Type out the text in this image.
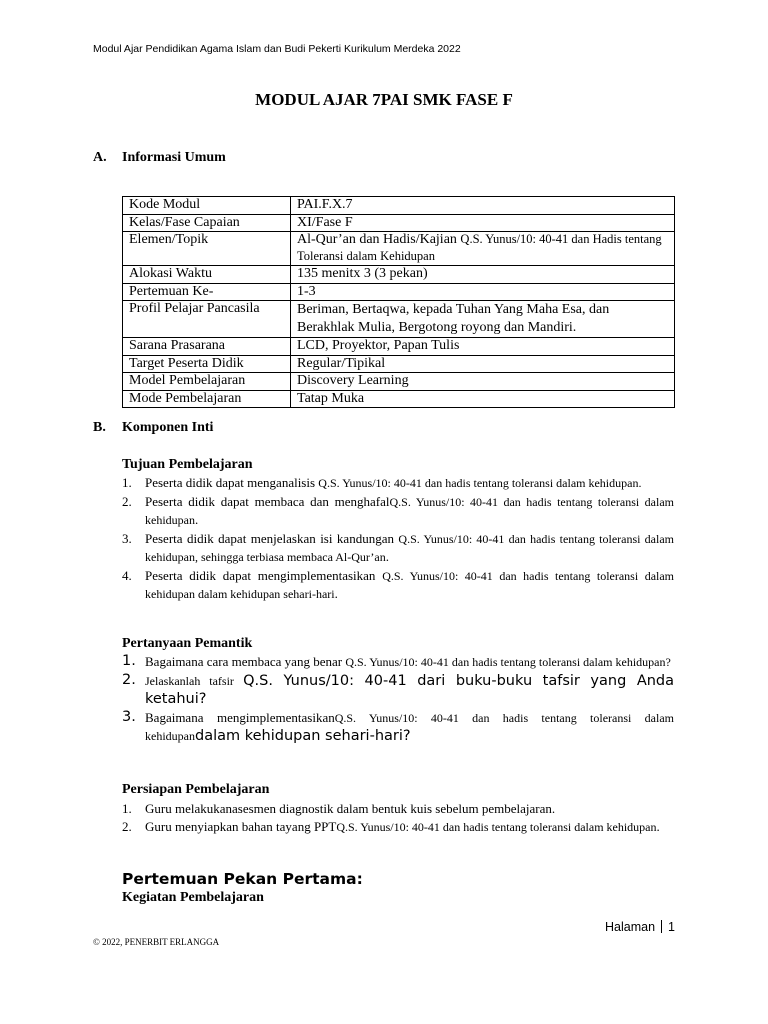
Modul Ajar Pendidikan Agama Islam dan Budi Pekerti Kurikulum Merdeka 2022
MODUL AJAR 7PAI SMK FASE F
A. Informasi Umum
Kode Modul	PAI.F.X.7
Kelas/Fase Capaian	XI/Fase F
Elemen/Topik	Al-Qur’an dan Hadis/Kajian Q.S. Yunus/10: 40-41 dan Hadis tentang Toleransi dalam Kehidupan
Alokasi Waktu	135 menitx 3 (3 pekan)
Pertemuan Ke-	1-3
Profil Pelajar Pancasila	Beriman, Bertaqwa, kepada Tuhan Yang Maha Esa, dan Berakhlak Mulia, Bergotong royong dan Mandiri.
Sarana Prasarana	LCD, Proyektor, Papan Tulis
Target Peserta Didik	Regular/Tipikal
Model Pembelajaran	Discovery Learning
Mode Pembelajaran	Tatap Muka
B. Komponen Inti
Tujuan Pembelajaran
1. Peserta didik dapat menganalisis Q.S. Yunus/10: 40-41 dan hadis tentang toleransi dalam kehidupan.
2. Peserta didik dapat membaca dan menghafalQ.S. Yunus/10: 40-41 dan hadis tentang toleransi dalam kehidupan.
3. Peserta didik dapat menjelaskan isi kandungan Q.S. Yunus/10: 40-41 dan hadis tentang toleransi dalam kehidupan, sehingga terbiasa membaca Al-Qur’an.
4. Peserta didik dapat mengimplementasikan Q.S. Yunus/10: 40-41 dan hadis tentang toleransi dalam kehidupan dalam kehidupan sehari-hari.
Pertanyaan Pemantik
1. Bagaimana cara membaca yang benar Q.S. Yunus/10: 40-41 dan hadis tentang toleransi dalam kehidupan?
2. Jelaskanlah tafsir Q.S. Yunus/10: 40-41 dari buku-buku tafsir yang Anda ketahui?
3. Bagaimana mengimplementasikanQ.S. Yunus/10: 40-41 dan hadis tentang toleransi dalam kehidupandalam kehidupan sehari-hari?
Persiapan Pembelajaran
1. Guru melakukanasesmen diagnostik dalam bentuk kuis sebelum pembelajaran.
2. Guru menyiapkan bahan tayang PPTQ.S. Yunus/10: 40-41 dan hadis tentang toleransi dalam kehidupan.
Pertemuan Pekan Pertama:
Kegiatan Pembelajaran
Halaman 1
© 2022, PENERBIT ERLANGGA
